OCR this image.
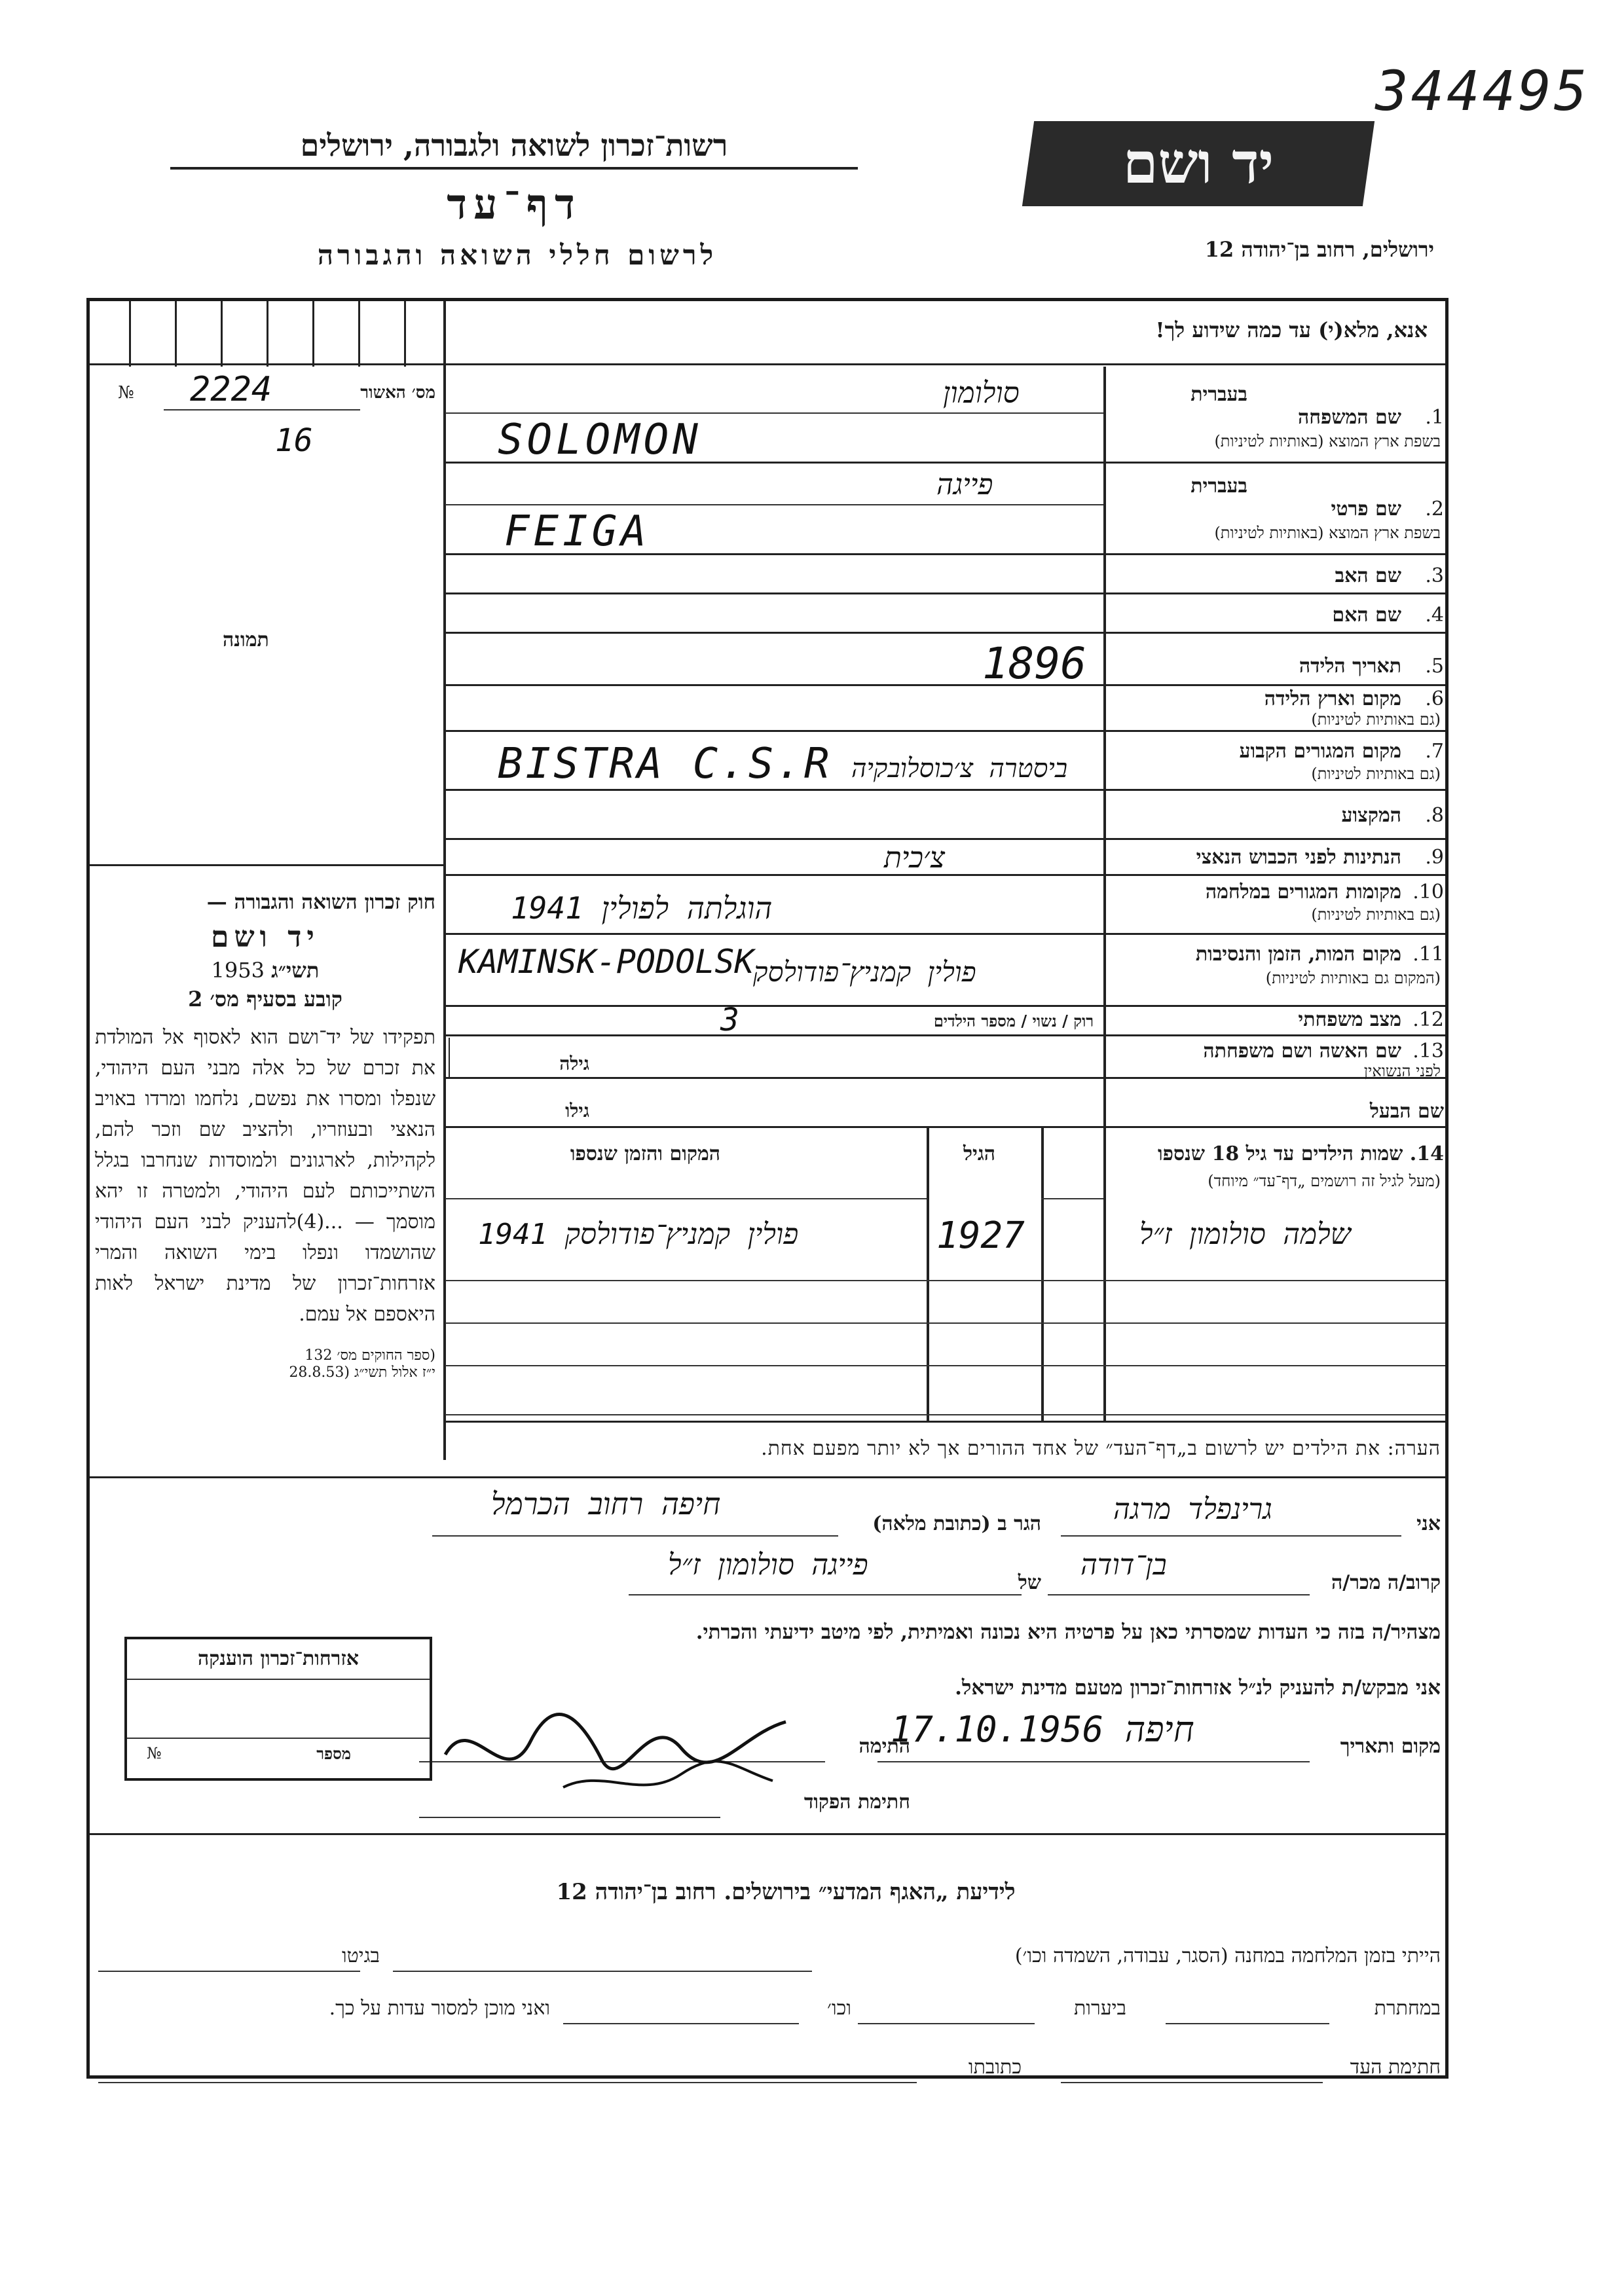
344495
רשות־זכרון לשואה ולגבורה, ירושלים
דף־עד
לרשום חללי השואה והגבורה
יד ושם
ירושלים, רחוב בן־יהודה 12
אנא, מלא(י) עד כמה שידוע לך!
מס׳ האשור
№ 2224
16
תמונה
בעברית
1.
שם המשפחה
בשפת ארץ המוצא (באותיות לטיניות)
סולומון
SOLOMON
בעברית
2.
שם פרטי
בשפת ארץ המוצא (באותיות לטיניות)
פייגה
FEIGA
3.
שם האב
4.
שם האם
5.
תאריך הלידה
1896
6.
מקום וארץ הלידה
(גם באותיות לטיניות)
7.
מקום המגורים הקבוע
(גם באותיות לטיניות)
BISTRA C.S.R ביסטרה צ׳כוסלובקיה
8.
המקצוע
9.
הנתינות לפני הכבוש הנאצי
צ׳כית
10.
מקומות המגורים במלחמה
(גם באותיות לטיניות)
הוגלתה לפולין 1941
11.
מקום המות, הזמן והנסיבות
(המקום גם באותיות לטיניות)
KAMINSK-PODOLSK
פולין קמניץ־פודולסק
12.
מצב משפחתי
רוק / נשוי / מספר הילדים
3
13.
שם האשה ושם משפחתה
לפני הנשואין
גילה
שם הבעל
גילו
14. שמות הילדים עד גיל 18 שנספו
(מעל לגיל זה רושמים „דף־עד״ מיוחד)
הגיל
המקום והזמן שנספו
שלמה סולומון ז״ל
1927
פולין קמניץ־פודולסק 1941
חוק זכרון השואה והגבורה —
יד ושם
תשי״ג 1953
קובע בסעיף מס׳ 2
תפקידו של יד־ושם הוא לאסוף אל המולדת את זכרם של כל אלה מבני העם היהודי, שנפלו ומסרו את נפשם, נלחמו ומרדו באויב הנאצי ובעוזריו, ולהציב שם וזכר להם, לקהילות, לארגונים ולמוסדות שנחרבו בגלל השתייכותם לעם היהודי, ולמטרה זו יהא מוסמך — ...(4)להעניק לבני העם היהודי שהושמדו ונפלו בימי השואה והמרי אזרחות־זכרון של מדינת ישראל לאות היאספם אל עמם.
(ספר החוקים מס׳ 132
י״ז אלול תשי״ג (28.8.53
הערה: את הילדים יש לרשום ב„דף־העד״ של אחד ההורים אך לא יותר מפעם אחת.
אני
גרינפלד מרגה
הגר ב (כתובת מלאה)
חיפה רחוב הכרמל
קרוב/ה מכר/ה
בן־דודה
של
פייגה סולומון ז״ל
מצהיר/ה בזה כי העדות שמסרתי כאן על פרטיה היא נכונה ואמיתית, לפי מיטב ידיעתי והכרתי.
אני מבקש/ת להעניק לנ״ל אזרחות־זכרון מטעם מדינת ישראל.
מקום ותאריך
חיפה 17.10.1956
התימה
חתימת הפקוד
אזרחות־זכרון הוענקה
מספר
№
לידיעת „האגף המדעי״ בירושלים. רחוב בן־יהודה 12
הייתי בזמן המלחמה במחנה (הסגר, עבודה, השמדה וכו׳)
בגיטו
במחתרת
ביערות
וכו׳
ואני מוכן למסור עדות על כך.
חתימת העד
כתובתו
